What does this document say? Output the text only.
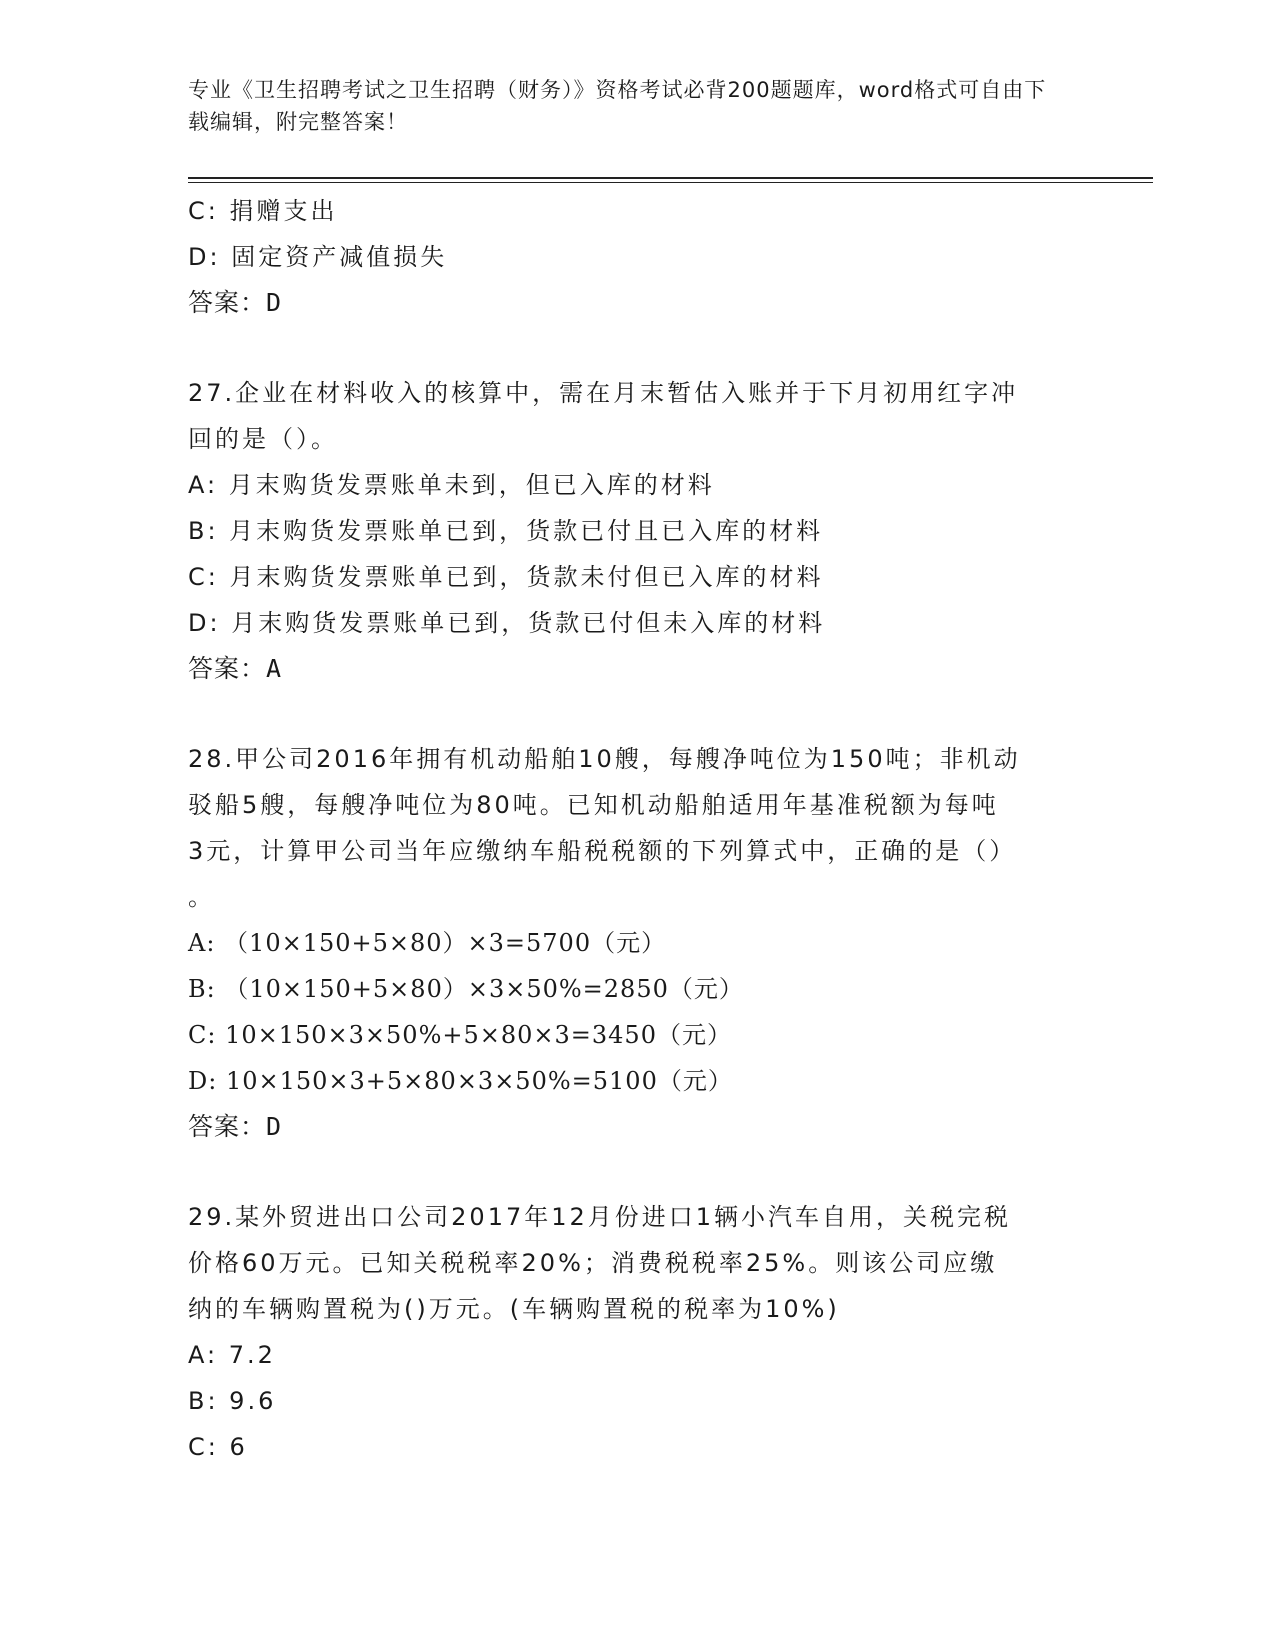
专业《卫生招聘考试之卫生招聘（财务）》资格考试必背200题题库，word格式可自由下载编辑，附完整答案！
C: 捐赠支出
D: 固定资产减值损失
答案：D
27.企业在材料收入的核算中，需在月末暂估入账并于下月初用红字冲
回的是（）。
A: 月末购货发票账单未到，但已入库的材料
B: 月末购货发票账单已到，货款已付且已入库的材料
C: 月末购货发票账单已到，货款未付但已入库的材料
D: 月末购货发票账单已到，货款已付但未入库的材料
答案：A
28.甲公司2016年拥有机动船舶10艘，每艘净吨位为150吨；非机动
驳船5艘，每艘净吨位为80吨。已知机动船舶适用年基准税额为每吨
3元，计算甲公司当年应缴纳车船税税额的下列算式中，正确的是（）
。
A: （10×150+5×80）×3=5700（元）
B: （10×150+5×80）×3×50%=2850（元）
C: 10×150×3×50%+5×80×3=3450（元）
D: 10×150×3+5×80×3×50%=5100（元）
答案：D
29.某外贸进出口公司2017年12月份进口1辆小汽车自用，关税完税
价格60万元。已知关税税率20%；消费税税率25%。则该公司应缴
纳的车辆购置税为()万元。(车辆购置税的税率为10%)
A: 7.2
B: 9.6
C: 6
